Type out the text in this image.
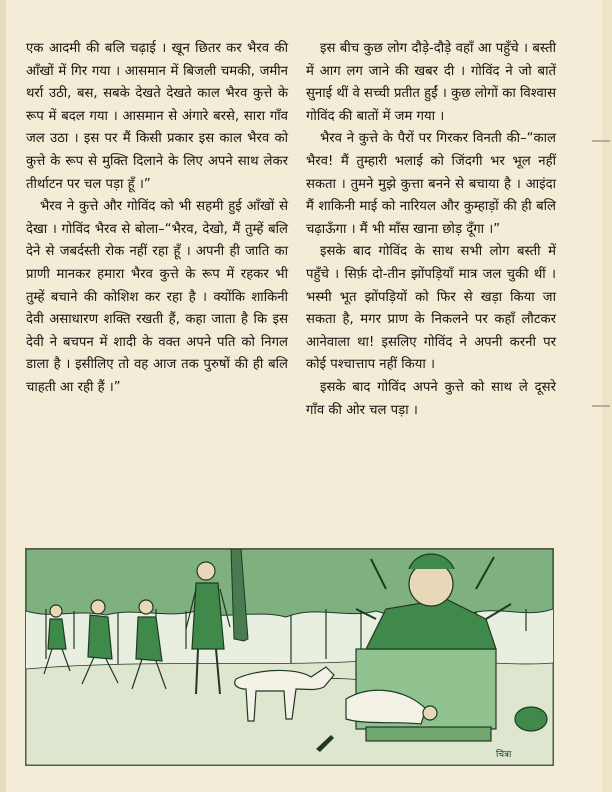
एक आदमी की बलि चढ़ाई । खून छितर कर भैरव की आँखों में गिर गया । आसमान में बिजली चमकी, जमीन थर्रा उठी, बस, सबके देखते देखते काल भैरव कुत्ते के रूप में बदल गया । आसमान से अंगारे बरसे, सारा गाँव जल उठा । इस पर मैं किसी प्रकार इस काल भैरव को कुत्ते के रूप से मुक्ति दिलाने के लिए अपने साथ लेकर तीर्थाटन पर चल पड़ा हूँ ।”

भैरव ने कुत्ते और गोविंद को भी सहमी हुई आँखों से देखा । गोविंद भैरव से बोला–“भैरव, देखो, मैं तुम्हें बलि देने से जबर्दस्ती रोक नहीं रहा हूँ । अपनी ही जाति का प्राणी मानकर हमारा भैरव कुत्ते के रूप में रहकर भी तुम्हें बचाने की कोशिश कर रहा है । क्योंकि शाकिनी देवी असाधारण शक्ति रखती हैं, कहा जाता है कि इस देवी ने बचपन में शादी के वक्त अपने पति को निगल डाला है । इसीलिए तो वह आज तक पुरुषों की ही बलि चाहती आ रही हैं ।”

इस बीच कुछ लोग दौड़े-दौड़े वहाँ आ पहुँचे । बस्ती में आग लग जाने की खबर दी । गोविंद ने जो बातें सुनाई थीं वे सच्ची प्रतीत हुईं । कुछ लोगों का विश्वास गोविंद की बातों में जम गया ।

भैरव ने कुत्ते के पैरों पर गिरकर विनती की–“काल भैरव! मैं तुम्हारी भलाई को जिंदगी भर भूल नहीं सकता । तुमने मुझे कुत्ता बनने से बचाया है । आइंदा मैं शाकिनी माई को नारियल और कुम्हाड़ों की ही बलि चढ़ाऊँगा । मैं भी माँस खाना छोड़ दूँगा ।”

इसके बाद गोविंद के साथ सभी लोग बस्ती में पहुँचे । सिर्फ़ दो-तीन झोंपड़ियाँ मात्र जल चुकी थीं । भस्मी भूत झोंपड़ियों को फिर से खड़ा किया जा सकता है, मगर प्राण के निकलने पर कहाँ लौटकर आनेवाला था! इसलिए गोविंद ने अपनी करनी पर कोई पश्चात्ताप नहीं किया ।

इसके बाद गोविंद अपने कुत्ते को साथ ले दूसरे गाँव की ओर चल पड़ा ।

चित्रा
